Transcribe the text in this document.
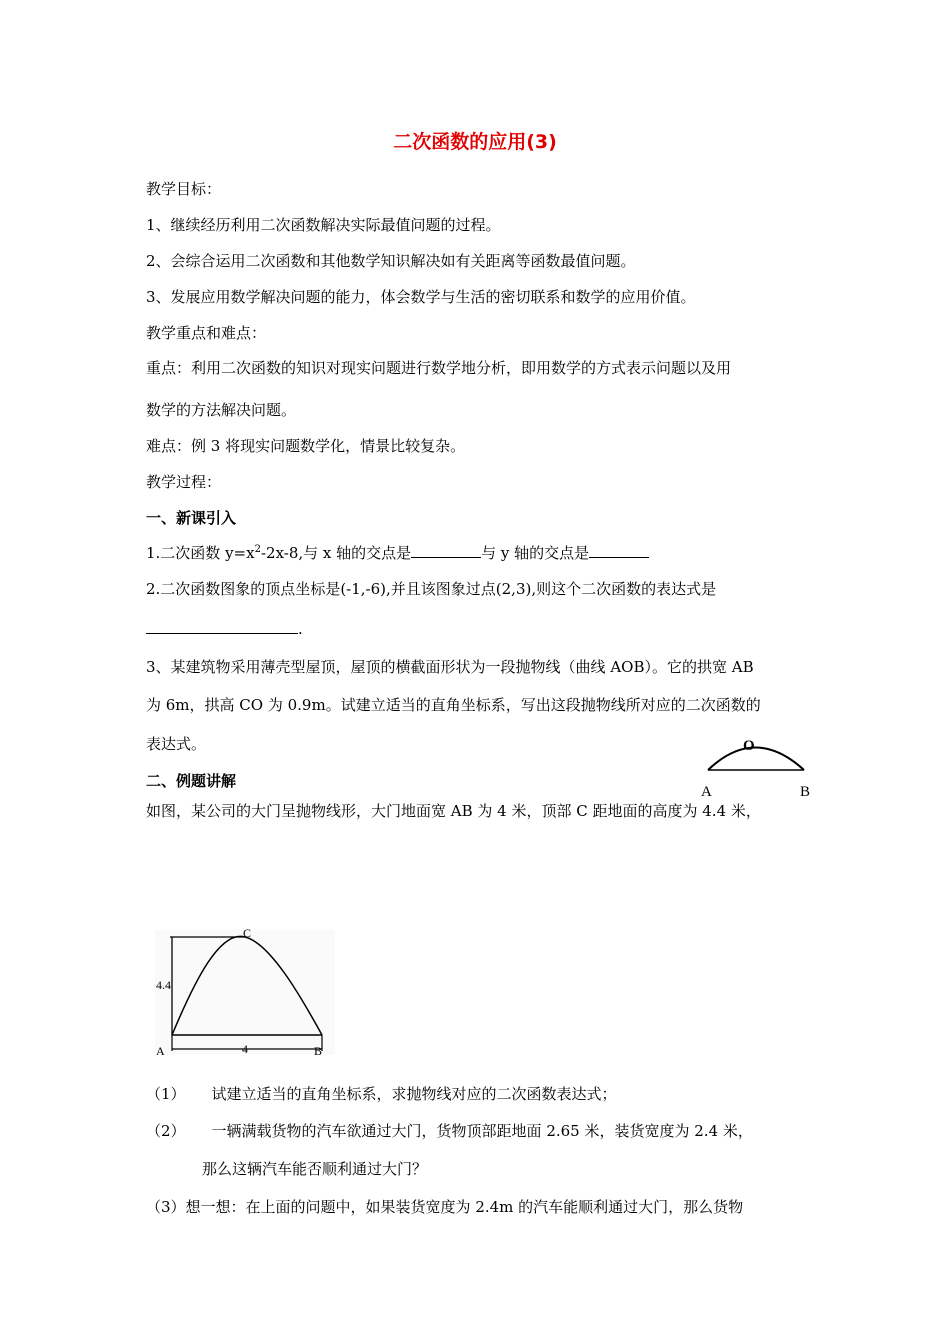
二次函数的应用(3)
教学目标：
1、继续经历利用二次函数解决实际最值问题的过程。
2、会综合运用二次函数和其他数学知识解决如有关距离等函数最值问题。
3、发展应用数学解决问题的能力，体会数学与生活的密切联系和数学的应用价值。
教学重点和难点：
重点：利用二次函数的知识对现实问题进行数学地分析，即用数学的方式表示问题以及用
数学的方法解决问题。
难点：例 3 将现实问题数学化，情景比较复杂。
教学过程：
一、新课引入
1.二次函数 $y=x^2-2x-8$,与 x 轴的交点是	与 y 轴的交点是
2.二次函数图象的顶点坐标是(-1,-6),并且该图象过点(2,3),则这个二次函数的表达式是
.
3、某建筑物采用薄壳型屋顶，屋顶的横截面形状为一段抛物线（曲线 AOB）。它的拱宽 AB
为 6m，拱高 CO 为 0.9m。试建立适当的直角坐标系，写出这段抛物线所对应的二次函数的
表达式。	O
A	B
二、例题讲解
如图，某公司的大门呈抛物线形，大门地面宽 AB 为 4 米，顶部 C 距地面的高度为 4.4 米，
C
4.4
4
A	B
（1） 试建立适当的直角坐标系，求抛物线对应的二次函数表达式；
（2） 一辆满载货物的汽车欲通过大门，货物顶部距地面 2.65 米，装货宽度为 2.4 米，
那么这辆汽车能否顺利通过大门？
（3）想一想：在上面的问题中，如果装货宽度为 2.4m 的汽车能顺利通过大门，那么货物
